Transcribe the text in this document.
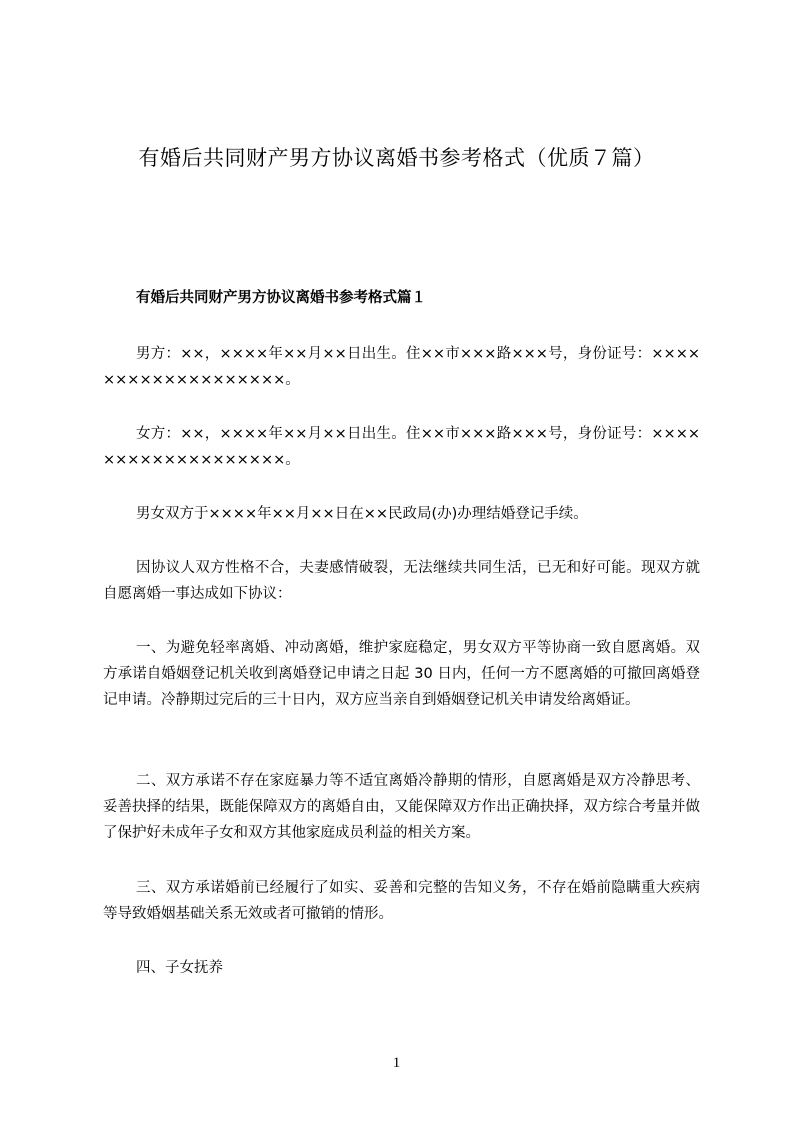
有婚后共同财产男方协议离婚书参考格式（优质７篇）
有婚后共同财产男方协议离婚书参考格式篇１

男方：××，××××年××月××日出生。住××市×××路×××号，身份证号：×××××××××××××××××××。

女方：××，××××年××月××日出生。住××市×××路×××号，身份证号：×××××××××××××××××××。

男女双方于××××年××月××日在××民政局(办)办理结婚登记手续。

因协议人双方性格不合，夫妻感情破裂，无法继续共同生活，已无和好可能。现双方就自愿离婚一事达成如下协议：

一、为避免轻率离婚、冲动离婚，维护家庭稳定，男女双方平等协商一致自愿离婚。双方承诺自婚姻登记机关收到离婚登记申请之日起 30 日内，任何一方不愿离婚的可撤回离婚登记申请。冷静期过完后的三十日内，双方应当亲自到婚姻登记机关申请发给离婚证。

二、双方承诺不存在家庭暴力等不适宜离婚冷静期的情形，自愿离婚是双方冷静思考、妥善抉择的结果，既能保障双方的离婚自由，又能保障双方作出正确抉择，双方综合考量并做了保护好未成年子女和双方其他家庭成员利益的相关方案。

三、双方承诺婚前已经履行了如实、妥善和完整的告知义务，不存在婚前隐瞒重大疾病等导致婚姻基础关系无效或者可撤销的情形。

四、子女抚养

1
